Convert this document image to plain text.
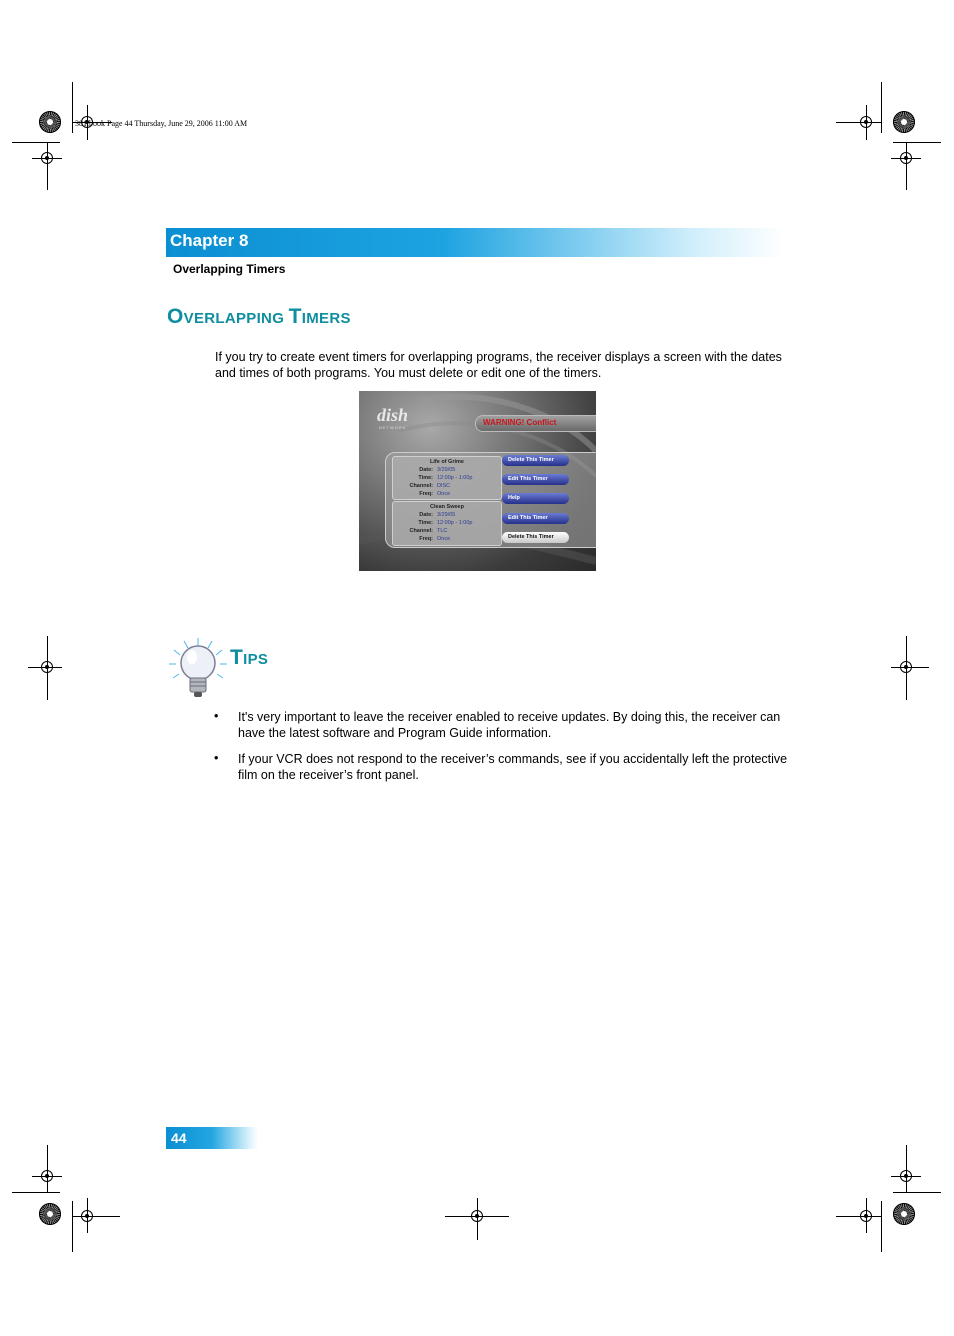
381.book Page 44 Thursday, June 29, 2006 11:00 AM
Chapter 8
Overlapping Timers
OVERLAPPING TIMERS
If you try to create event timers for overlapping programs, the receiver displays a screen with the dates and times of both programs. You must delete or edit one of the timers.
dish
NETWORK
WARNING! Conflict
Life of Grime
Date: 3/29/05
Time: 12:00p - 1:00p
Channel: DISC
Freq: Once
Clean Sweep
Date: 3/29/05
Time: 12:00p - 1:00p
Channel: TLC
Freq: Once
Delete This Timer
Edit This Timer
Help
Edit This Timer
Delete This Timer
TIPS
• It's very important to leave the receiver enabled to receive updates. By doing this, the receiver can have the latest software and Program Guide information.
• If your VCR does not respond to the receiver’s commands, see if you accidentally left the protective film on the receiver’s front panel.
44
